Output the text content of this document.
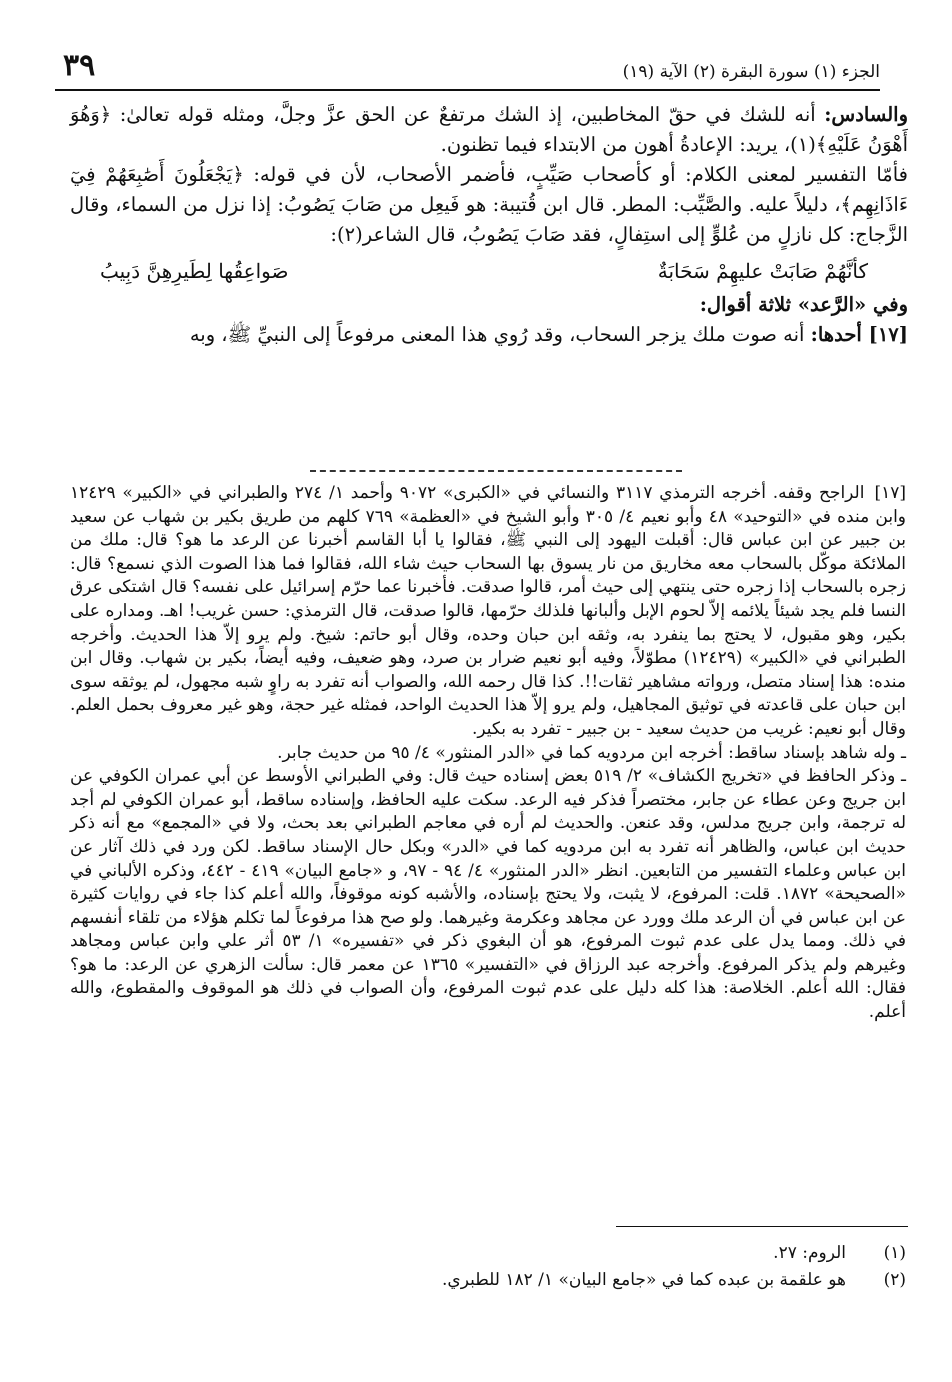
٣٩	الجزء (١) سورة البقرة (٢) الآية (١٩)

والسادس: أنه للشك في حقّ المخاطبين، إذ الشك مرتفعٌ عن الحق عزَّ وجلَّ، ومثله قوله تعالىٰ: ﴿وَهُوَ أَهْوَنُ عَلَيْهِ﴾(١)، يريد: الإعادةُ أهون من الابتداء فيما تظنون.

فأمّا التفسير لمعنى الكلام: أو كأصحاب صَيِّبٍ، فأضمر الأصحاب، لأن في قوله: ﴿يَجْعَلُونَ أَصَٰبِعَهُمْ فِيٓ ءَاذَانِهِم﴾، دليلاً عليه. والصَّيِّب: المطر. قال ابن قُتيبة: هو فَيعِل من صَابَ يَصُوبُ: إذا نزل من السماء، وقال الزَّجاج: كل نازلٍ من عُلوٍّ إلى استِفالٍ، فقد صَابَ يَصُوبُ، قال الشاعر(٢):

كأنَّهُمْ صَابَتْ عليهِمْ سَحَابَةٌ
صَواعِقُها لِطَيرِهِنَّ دَبِيبُ

وفي «الرَّعد» ثلاثة أقوال:

[١٧] أحدها: أنه صوت ملك يزجر السحاب، وقد رُوي هذا المعنى مرفوعاً إلى النبيِّ ﷺ، وبه

[١٧]الراجح وقفه. أخرجه الترمذي ٣١١٧ والنسائي في «الكبرى» ٩٠٧٢ وأحمد ١/ ٢٧٤ والطبراني في «الكبير» ١٢٤٢٩ وابن منده في «التوحيد» ٤٨ وأبو نعيم ٤/ ٣٠٥ وأبو الشيخ في «العظمة» ٧٦٩ كلهم من طريق بكير بن شهاب عن سعيد بن جبير عن ابن عباس قال: أقبلت اليهود إلى النبي ﷺ، فقالوا يا أبا القاسم أخبرنا عن الرعد ما هو؟ قال: ملك من الملائكة موكّل بالسحاب معه مخاريق من نار يسوق بها السحاب حيث شاء الله، فقالوا فما هذا الصوت الذي نسمع؟ قال: زجره بالسحاب إذا زجره حتى ينتهي إلى حيث أمر، قالوا صدقت. فأخبرنا عما حرّم إسرائيل على نفسه؟ قال اشتكى عرق النسا فلم يجد شيئاً يلائمه إلاّ لحوم الإبل وألبانها فلذلك حرّمها، قالوا صدقت، قال الترمذي: حسن غريب! اهـ. ومداره على بكير، وهو مقبول، لا يحتج بما ينفرد به، وثقه ابن حبان وحده، وقال أبو حاتم: شيخ. ولم يرو إلاّ هذا الحديث. وأخرجه الطبراني في «الكبير» (١٢٤٢٩) مطوّلاً، وفيه أبو نعيم ضرار بن صرد، وهو ضعيف، وفيه أيضاً، بكير بن شهاب. وقال ابن منده: هذا إسناد متصل، ورواته مشاهير ثقات!!. كذا قال رحمه الله، والصواب أنه تفرد به راوٍ شبه مجهول، لم يوثقه سوى ابن حبان على قاعدته في توثيق المجاهيل، ولم يرو إلاّ هذا الحديث الواحد، فمثله غير حجة، وهو غير معروف بحمل العلم. وقال أبو نعيم: غريب من حديث سعيد - بن جبير - تفرد به بكير.

ـ وله شاهد بإسناد ساقط: أخرجه ابن مردويه كما في «الدر المنثور» ٤/ ٩٥ من حديث جابر.

ـ وذكر الحافظ في «تخريج الكشاف» ٢/ ٥١٩ بعض إسناده حيث قال: وفي الطبراني الأوسط عن أبي عمران الكوفي عن ابن جريج وعن عطاء عن جابر، مختصراً فذكر فيه الرعد. سكت عليه الحافظ، وإسناده ساقط، أبو عمران الكوفي لم أجد له ترجمة، وابن جريج مدلس، وقد عنعن. والحديث لم أره في معاجم الطبراني بعد بحث، ولا في «المجمع» مع أنه ذكر حديث ابن عباس، والظاهر أنه تفرد به ابن مردويه كما في «الدر» وبكل حال الإسناد ساقط. لكن ورد في ذلك آثار عن ابن عباس وعلماء التفسير من التابعين. انظر «الدر المنثور» ٤/ ٩٤ - ٩٧، و «جامع البيان» ٤١٩ - ٤٤٢، وذكره الألباني في «الصحيحة» ١٨٧٢. قلت: المرفوع، لا يثبت، ولا يحتج بإسناده، والأشبه كونه موقوفاً، والله أعلم كذا جاء في روايات كثيرة عن ابن عباس في أن الرعد ملك وورد عن مجاهد وعكرمة وغيرهما. ولو صح هذا مرفوعاً لما تكلم هؤلاء من تلقاء أنفسهم في ذلك. ومما يدل على عدم ثبوت المرفوع، هو أن البغوي ذكر في «تفسيره» ١/ ٥٣ أثر علي وابن عباس ومجاهد وغيرهم ولم يذكر المرفوع. وأخرجه عبد الرزاق في «التفسير» ١٣٦٥ عن معمر قال: سألت الزهري عن الرعد: ما هو؟ فقال: الله أعلم. الخلاصة: هذا كله دليل على عدم ثبوت المرفوع، وأن الصواب في ذلك هو الموقوف والمقطوع، والله أعلم.

(١)
الروم: ٢٧.
(٢)
هو علقمة بن عبده كما في «جامع البيان» ١/ ١٨٢ للطبري.
